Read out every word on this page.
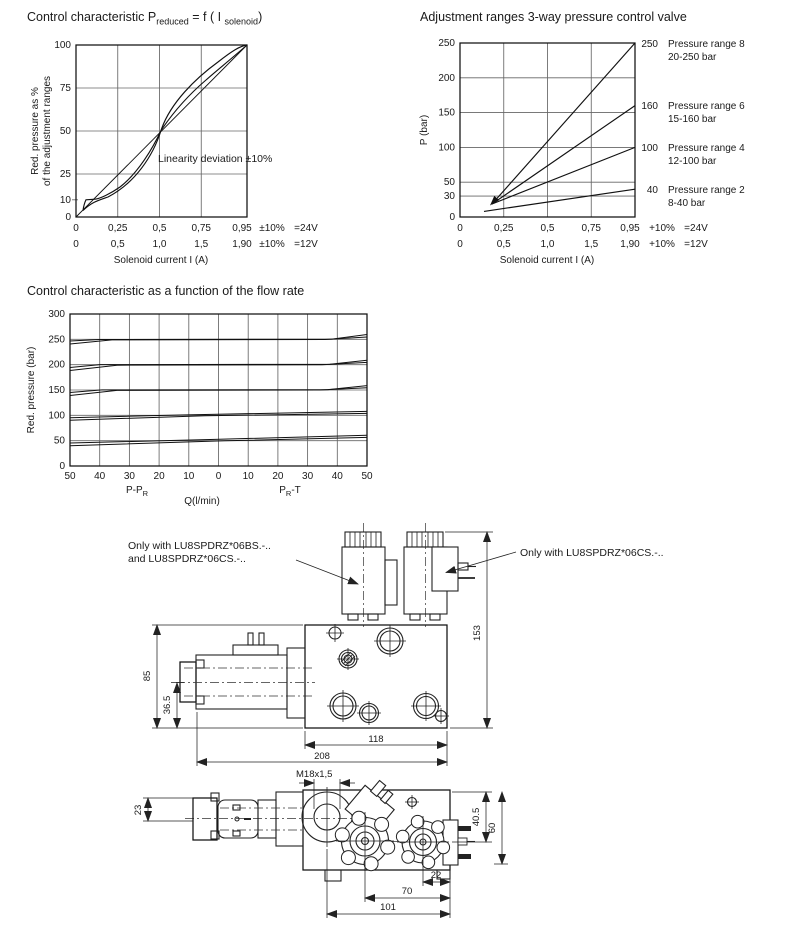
Control characteristic $P_{reduced} = f$ ( I $_{solenoid}$)
0
10
25
50
75
100
0	0,25	0,5	0,75 0,95 ±10% =24V
0	0,5	1,0	1,5 1,90 ±10% =12V
Solenoid current I (A)
Red. pressure as % of the adjustment ranges	Linearity deviation ±10%
Adjustment ranges 3-way pressure control valve
0
30
50
100
150
200
250
P (bar)
250 Pressure range 8
20-250 bar
160 Pressure range 6
15-160 bar
100 Pressure range 4
12-100 bar
40 Pressure range 2
8-40 bar
0	0,25	0,5	0,75 0,95 +10% =24V
0	0,5	1,0	1,5 1,90 +10% =12V
Solenoid current I (A)
Control characteristic as a function of the flow rate
0
50
100
150
200
250
300
Red. pressure (bar)
50 40 30 20 10 0 10 20 30 40 50
$P-P_R$
Q(l/min)
$P_R-T$
Only with LU8SPDRZ*06BS.-..
and LU8SPDRZ*06CS.-..	Only with LU8SPDRZ*06CS.-..
153
85
36.5
118
208
M18x1,5
23	40.5
60
22
70
101
